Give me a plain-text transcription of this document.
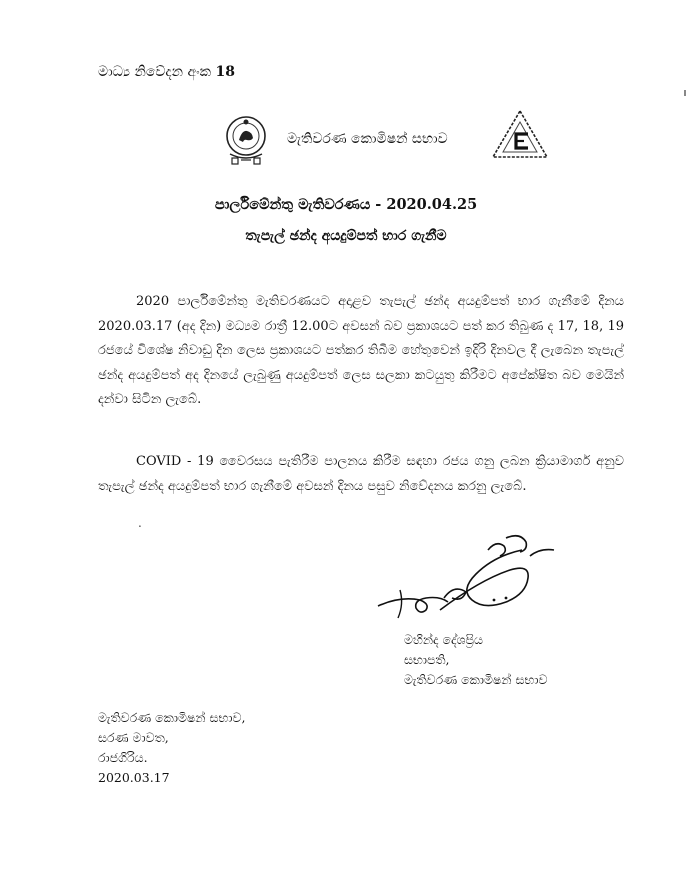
මාධ්‍ය නිවේදන අංක 18
මැතිවරණ කොමිෂන් සභාව
පාර්ලිමේන්තු මැතිවරණය - 2020.04.25
තැපැල් ඡන්ද අයදුම්පත් භාර ගැනීම
2020 පාර්ලිමේන්තු මැතිවරණයට අදාළව තැපැල් ඡන්ද අයදුම්පත් භාර ගැනීමේ දිනය 2020.03.17 (අද දින) මධ්‍යම රාත්‍රී 12.00ට අවසන් බව ප්‍රකාශයට පත් කර තිබුණ ද 17, 18, 19 රජයේ විශේෂ නිවාඩු දින ලෙස ප්‍රකාශයට පත්කර තිබීම හේතුවෙන් ඉදිරි දිනවල දී ලැබෙන තැපැල් ඡන්ද අයදුම්පත් අද දිනයේ ලැබුණු අයදුම්පත් ලෙස සලකා කටයුතු කිරීමට අපේක්ෂිත බව මෙයින් දන්වා සිටින ලැබේ.
COVID - 19 වෛරසය පැතිරීම පාලනය කිරීම සඳහා රජය ගනු ලබන ක්‍රියාමාර්ග අනුව තැපැල් ඡන්ද අයදුම්පත් භාර ගැනීමේ අවසන් දිනය පසුව නිවේදනය කරනු ලැබේ.
.
මහින්ද දේශප්‍රිය
සභාපති,
මැතිවරණ කොමිෂන් සභාව
මැතිවරණ කොමිෂන් සභාව,
සරණ මාවත,
රාජගිරිය.
2020.03.17
